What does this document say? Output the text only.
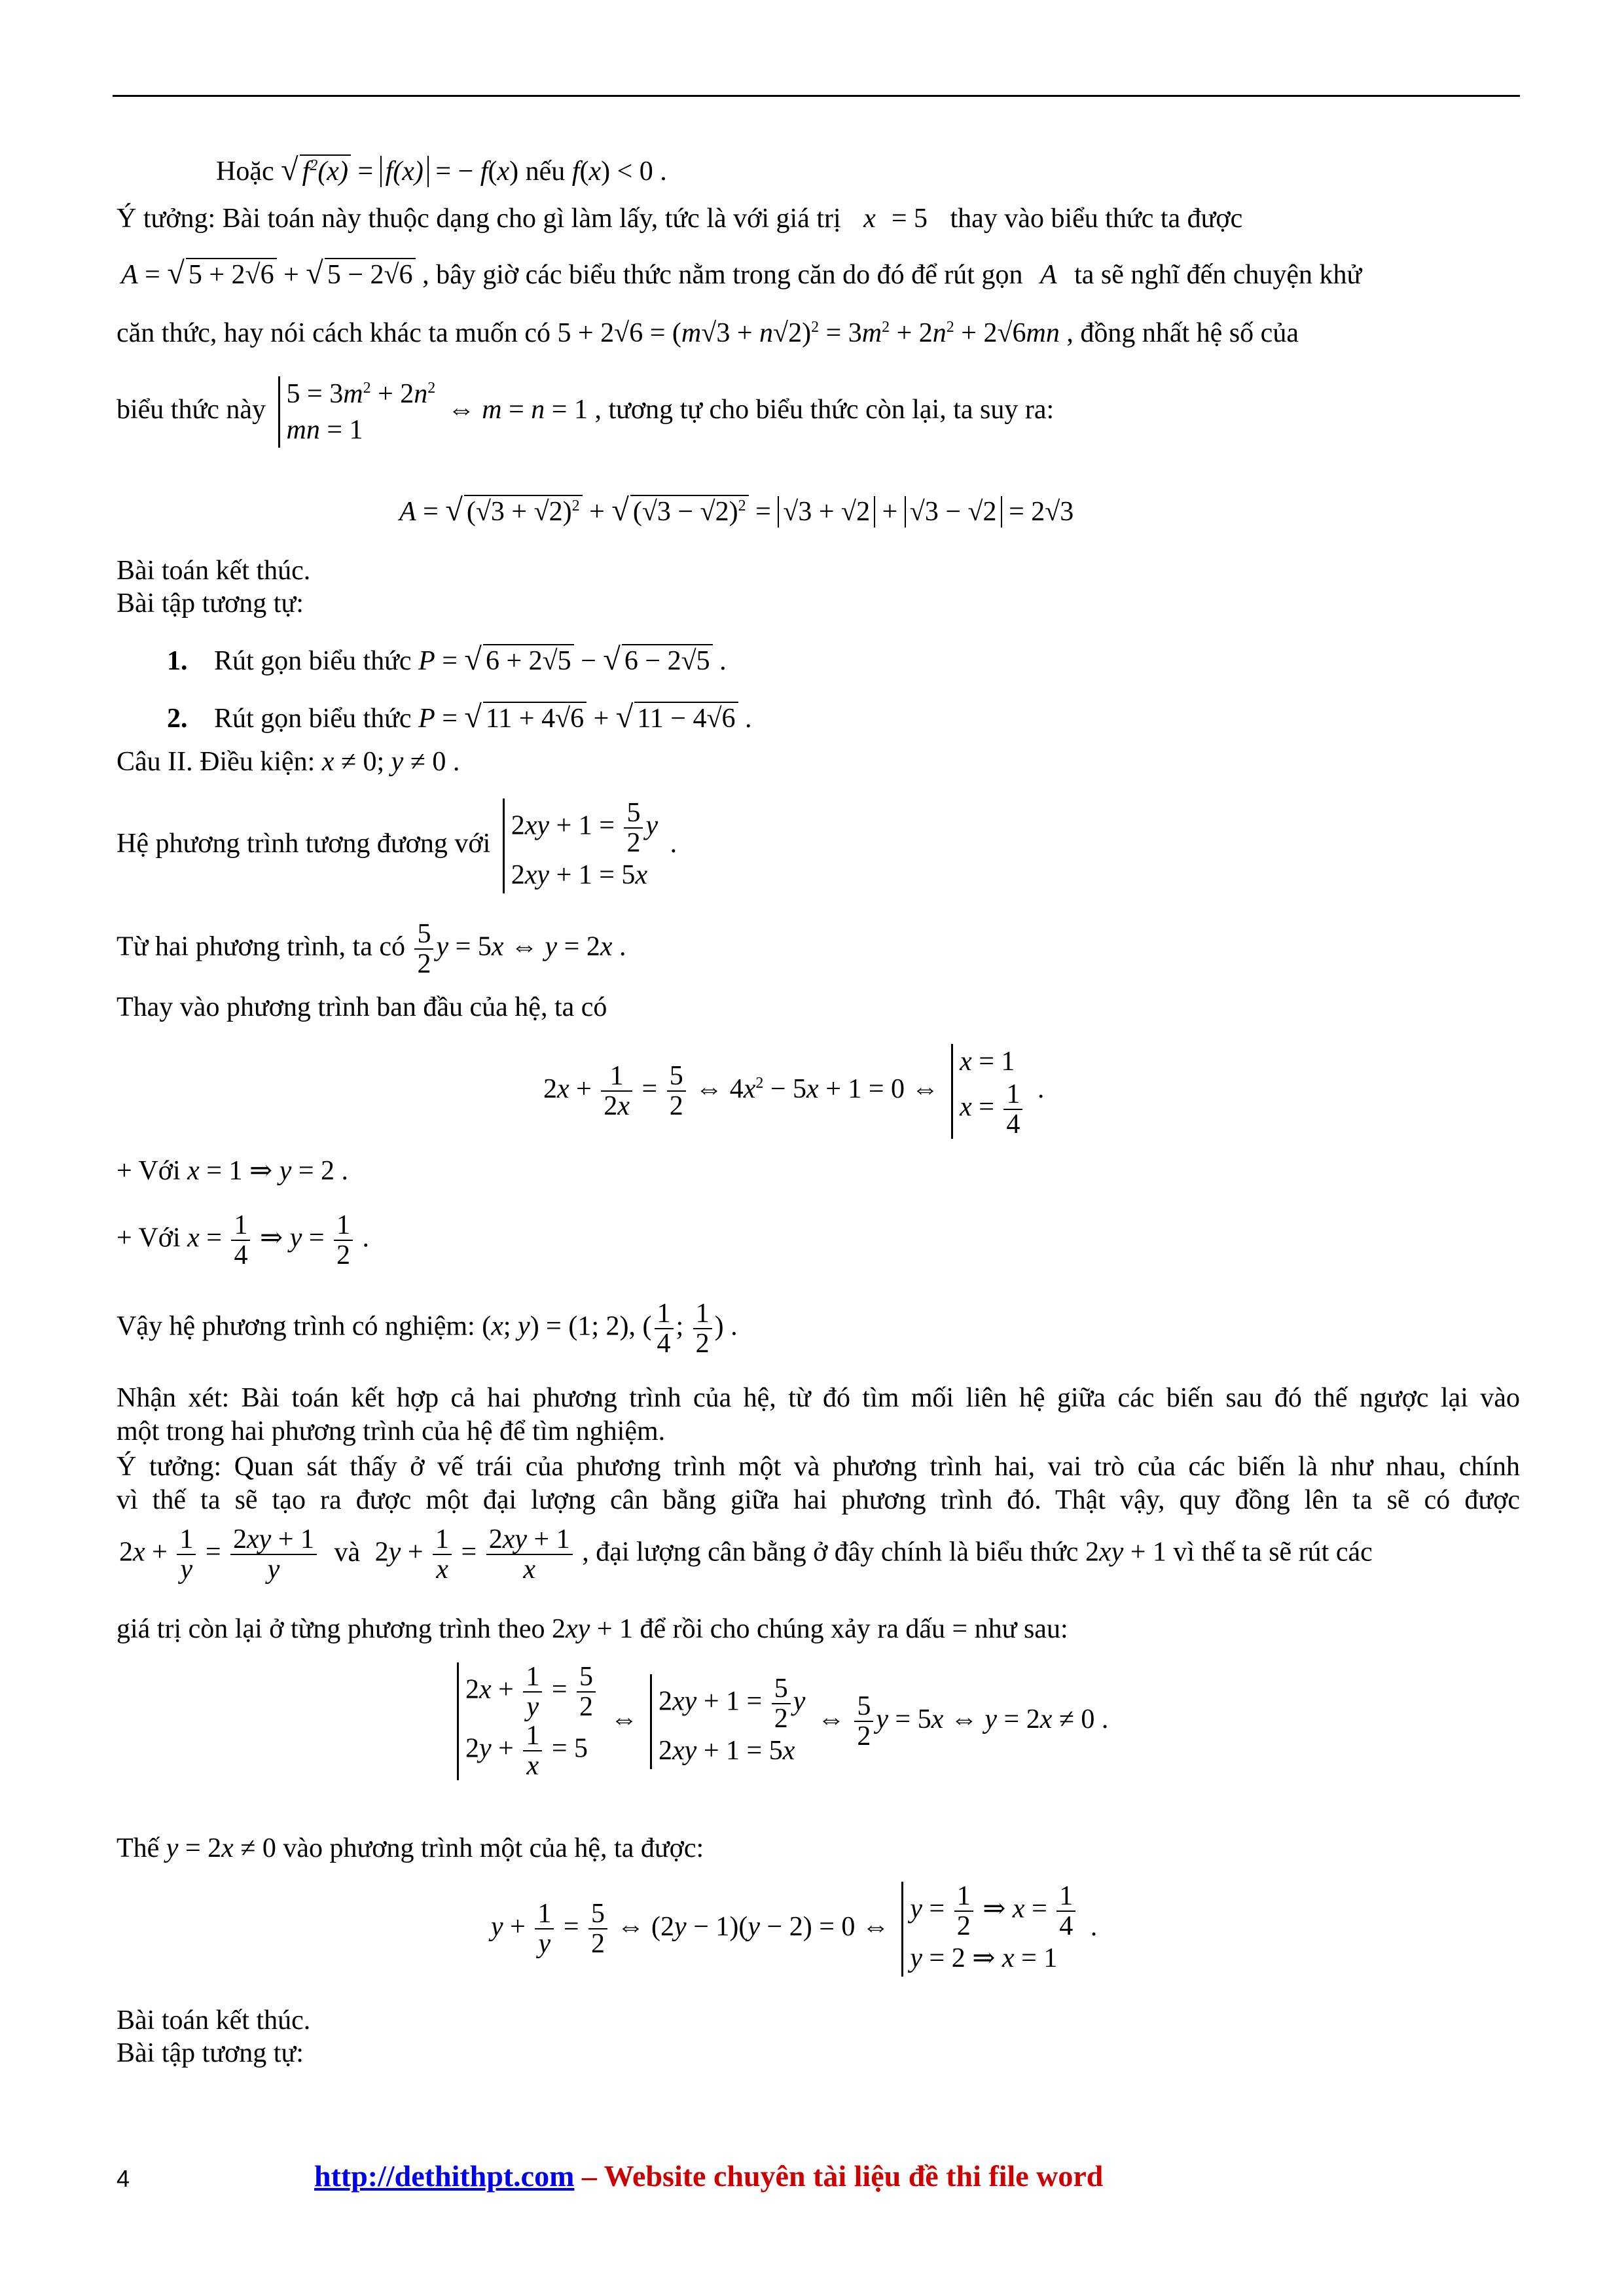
Hoặc √ $f^2(x) = f(x)$ = − f(x) nếu f(x) < 0 .
Ý tưởng: Bài toán này thuộc dạng cho gì làm lấy, tức là với giá trị x = 5 thay vào biểu thức ta được
A = √ 5 + 2√6 + √ 5 − 2√6 , bây giờ các biểu thức nằm trong căn do đó để rút gọn A ta sẽ nghĩ đến chuyện khử
căn thức, hay nói cách khác ta muốn có $5 + 2√6 = (m√3 + n√2)^2 = 3m^2 + 2n^2 + 2√6mn$ , đồng nhất hệ số của
biểu thức này
$5 = 3m^2 + 2n^2$
mn = 1
⇔ m = n = 1 , tương tự cho biểu thức còn lại, ta suy ra:
A = √ $(√3 + √2)^2$ + √ $(√3 - √2)^2 = √3 + √2 + √3 - √2 = 2√3$
Bài toán kết thúc.
Bài tập tương tự:
1. Rút gọn biểu thức P = √ 6 + 2√5 − √ 6 − 2√5 .
2. Rút gọn biểu thức P = √ 11 + 4√6 + √ 11 − 4√6 .
Câu II. Điều kiện: x ≠ 0; y ≠ 0 .
Hệ phương trình tương đương với
$2xy + 1 = \frac{5}{2}$ y
2xy + 1 = 5x
.
Từ hai phương trình, ta có $\frac{5}{2}$ y = 5x ⇔ y = 2x .
Thay vào phương trình ban đầu của hệ, ta có
$2x + \frac{1}{2x} = \frac{5}{2}$ ⇔ $4x^2 - 5x + 1 = 0$ ⇔
x = 1
$x = \frac{1}{4}$ .
+ Với x = 1 ⇒ y = 2 .
+ Với $x = \frac{1}{4}$ ⇒ $y = \frac{1}{2}$ .
Vậy hệ phương trình có nghiệm: (x; y) = (1; 2), ( $\frac{1}{4}$ ; $\frac{1}{2}$ ) .
Nhận xét: Bài toán kết hợp cả hai phương trình của hệ, từ đó tìm mối liên hệ giữa các biến sau đó thế ngược lại vào
một trong hai phương trình của hệ để tìm nghiệm.
Ý tưởng: Quan sát thấy ở vế trái của phương trình một và phương trình hai, vai trò của các biến là như nhau, chính
vì thế ta sẽ tạo ra được một đại lượng cân bằng giữa hai phương trình đó. Thật vậy, quy đồng lên ta sẽ có được
$2x + \frac{1}{y} = \frac{2xy + 1}{y}$ và $2y + \frac{1}{x} = \frac{2xy + 1}{x}$ , đại lượng cân bằng ở đây chính là biểu thức 2xy + 1 vì thế ta sẽ rút các
giá trị còn lại ở từng phương trình theo 2xy + 1 để rồi cho chúng xảy ra dấu = như sau:
$2x + \frac{1}{y} = \frac{5}{2}$
$2y + \frac{1}{x} = 5$
⇔
$2xy + 1 = \frac{5}{2}$ y
2xy + 1 = 5x
⇔ $\frac{5}{2}$ y = 5x ⇔ y = 2x ≠ 0 .
Thế y = 2x ≠ 0 vào phương trình một của hệ, ta được:
$y + \frac{1}{y} = \frac{5}{2}$ ⇔ (2y − 1)(y − 2) = 0 ⇔
$y = \frac{1}{2}$ ⇒ $x = \frac{1}{4}$
y = 2 ⇒ x = 1
.
Bài toán kết thúc.
Bài tập tương tự:
4	http://dethithpt.com – Website chuyên tài liệu đề thi file word
